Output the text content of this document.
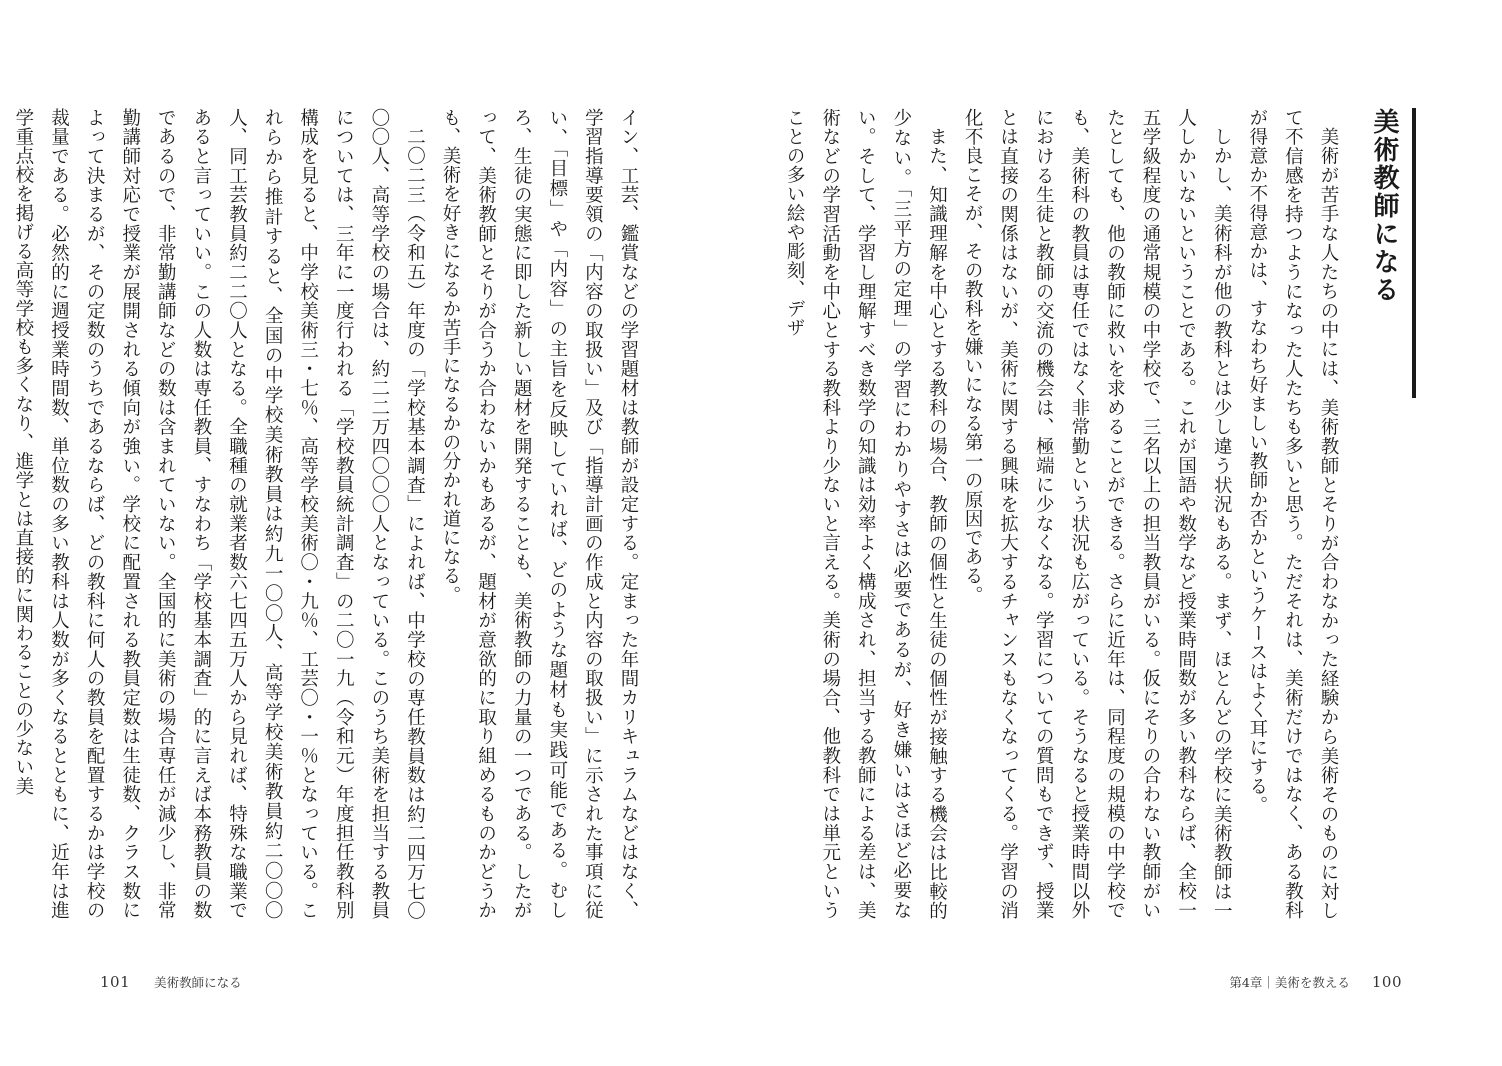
美術教師になる

美術が苦手な人たちの中には、美術教師とそりが合わなかった経験から美術そのものに対して不信感を持つようになった人たちも多いと思う。ただそれは、美術だけではなく、ある教科が得意か不得意かは、すなわち好ましい教師か否かというケースはよく耳にする。

しかし、美術科が他の教科とは少し違う状況もある。まず、ほとんどの学校に美術教師は一人しかいないということである。これが国語や数学など授業時間数が多い教科ならば、全校一五学級程度の通常規模の中学校で、三名以上の担当教員がいる。仮にそりの合わない教師がいたとしても、他の教師に救いを求めることができる。さらに近年は、同程度の規模の中学校でも、美術科の教員は専任ではなく非常勤という状況も広がっている。そうなると授業時間以外における生徒と教師の交流の機会は、極端に少なくなる。学習についての質問もできず、授業とは直接の関係はないが、美術に関する興味を拡大するチャンスもなくなってくる。学習の消化不良こそが、その教科を嫌いになる第一の原因である。

また、知識理解を中心とする教科の場合、教師の個性と生徒の個性が接触する機会は比較的少ない。「三平方の定理」の学習にわかりやすさは必要であるが、好き嫌いはさほど必要ない。そして、学習し理解すべき数学の知識は効率よく構成され、担当する教師による差は、美術などの学習活動を中心とする教科より少ないと言える。美術の場合、他教科では単元ということの多い絵や彫刻、デザ

第4章｜美術を教える 100

イン、工芸、鑑賞などの学習題材は教師が設定する。定まった年間カリキュラムなどはなく、学習指導要領の「内容の取扱い」及び「指導計画の作成と内容の取扱い」に示された事項に従い、「目標」や「内容」の主旨を反映していれば、どのような題材も実践可能である。むしろ、生徒の実態に即した新しい題材を開発することも、美術教師の力量の一つである。したがって、美術教師とそりが合うか合わないかもあるが、題材が意欲的に取り組めるものかどうかも、美術を好きになるか苦手になるかの分かれ道になる。

二〇二三（令和五）年度の「学校基本調査」によれば、中学校の専任教員数は約二四万七〇〇〇人、高等学校の場合は、約二二万四〇〇〇人となっている。このうち美術を担当する教員については、三年に一度行われる「学校教員統計調査」の二〇一九（令和元）年度担任教科別構成を見ると、中学校美術三・七％、高等学校美術〇・九％、工芸〇・一％となっている。これらから推計すると、全国の中学校美術教員は約九一〇〇人、高等学校美術教員約二〇〇〇人、同工芸教員約二二〇人となる。全職種の就業者数六七四五万人から見れば、特殊な職業であると言っていい。この人数は専任教員、すなわち「学校基本調査」的に言えば本務教員の数であるので、非常勤講師などの数は含まれていない。全国的に美術の場合専任が減少し、非常勤講師対応で授業が展開される傾向が強い。学校に配置される教員定数は生徒数、クラス数によって決まるが、その定数のうちであるならば、どの教科に何人の教員を配置するかは学校の裁量である。必然的に週授業時間数、単位数の多い教科は人数が多くなるとともに、近年は進学重点校を掲げる高等学校も多くなり、進学とは直接的に関わることの少ない美

101 美術教師になる
